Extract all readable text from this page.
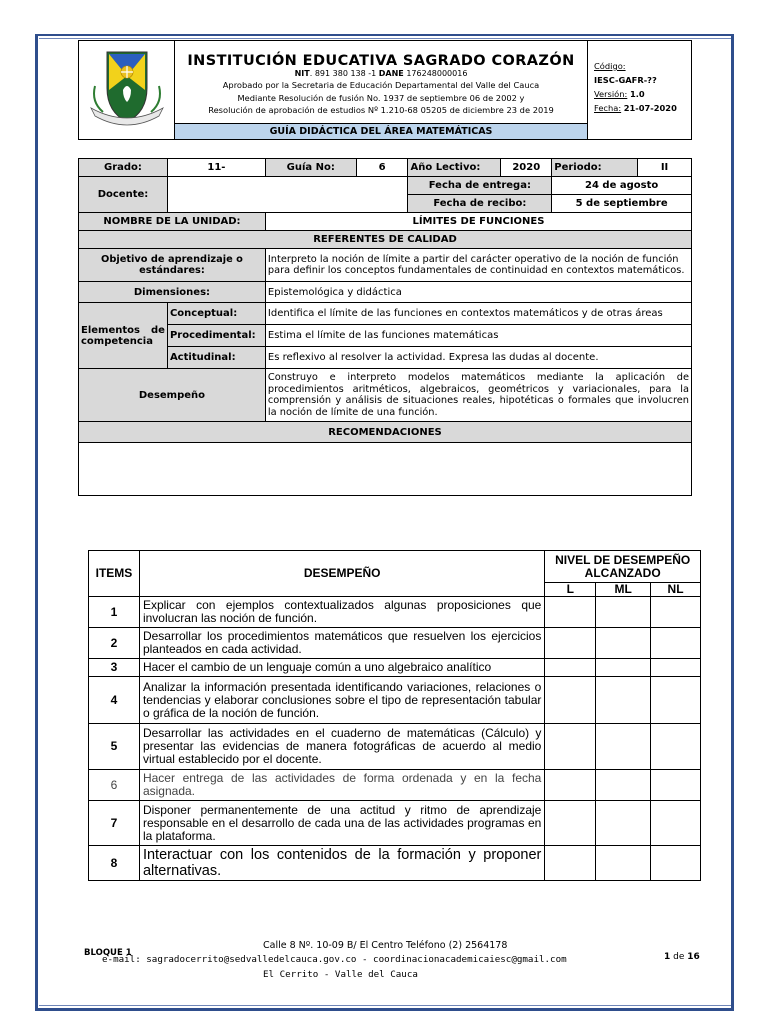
INSTITUCIÓN EDUCATIVA SAGRADO CORAZÓN
NIT. 891 380 138 -1 DANE 176248000016
Aprobado por la Secretaria de Educación Departamental del Valle del Cauca
Mediante Resolución de fusión No. 1937 de septiembre 06 de 2002 y
Resolución de aprobación de estudios Nº 1.210-68 05205 de diciembre 23 de 2019

Código:
IESC-GAFR-??
Versión: 1.0
Fecha: 21-07-2020

GUÍA DIDÁCTICA DEL ÁREA MATEMÁTICAS
Grado:	11-	Guía No:	6	Año Lectivo:	2020	Periodo:	II
Docente:				Fecha de entrega:		24 de agosto	
				Fecha de recibo:		5 de septiembre	
NOMBRE DE LA UNIDAD:		LÍMITES DE FUNCIONES					
REFERENTES DE CALIDAD							
Objetivo de aprendizaje o estándares:		Interpreto la noción de límite a partir del carácter operativo de la noción de función para definir los conceptos fundamentales de continuidad en contextos matemáticos.					
Dimensiones:		Epistemológica y didáctica					
Elementos de competencia	Conceptual:	Identifica el límite de las funciones en contextos matemáticos y de otras áreas					
	Procedimental:	Estima el límite de las funciones matemáticas					
	Actitudinal:	Es reflexivo al resolver la actividad. Expresa las dudas al docente.					
Desempeño		Construyo e interpreto modelos matemáticos mediante la aplicación de procedimientos aritméticos, algebraicos, geométricos y variacionales, para la comprensión y análisis de situaciones reales, hipotéticas o formales que involucren la noción de límite de una función.					
RECOMENDACIONES							

ITEMS	DESEMPEÑO	NIVEL DE DESEMPEÑO ALCANZADO		
		L	ML	NL
1	Explicar con ejemplos contextualizados algunas proposiciones que involucran las noción de función.			
2	Desarrollar los procedimientos matemáticos que resuelven los ejercicios planteados en cada actividad.			
3	Hacer el cambio de un lenguaje común a uno algebraico analítico			
4	Analizar la información presentada identificando variaciones, relaciones o tendencias y elaborar conclusiones sobre el tipo de representación tabular o gráfica de la noción de función.			
5	Desarrollar las actividades en el cuaderno de matemáticas (Cálculo) y presentar las evidencias de manera fotográficas de acuerdo al medio virtual establecido por el docente.			
6	Hacer entrega de las actividades de forma ordenada y en la fecha asignada.			
7	Disponer permanentemente de una actitud y ritmo de aprendizaje responsable en el desarrollo de cada una de las actividades programas en la plataforma.			
8	Interactuar con los contenidos de la formación y proponer alternativas.			
BLOQUE 1
Calle 8 Nº. 10-09 B/ El Centro Teléfono (2) 2564178
e-mail: sagradocerrito@sedvalledelcauca.gov.co - coordinacionacademicaiesc@gmail.com
El Cerrito - Valle del Cauca
1 de 16
